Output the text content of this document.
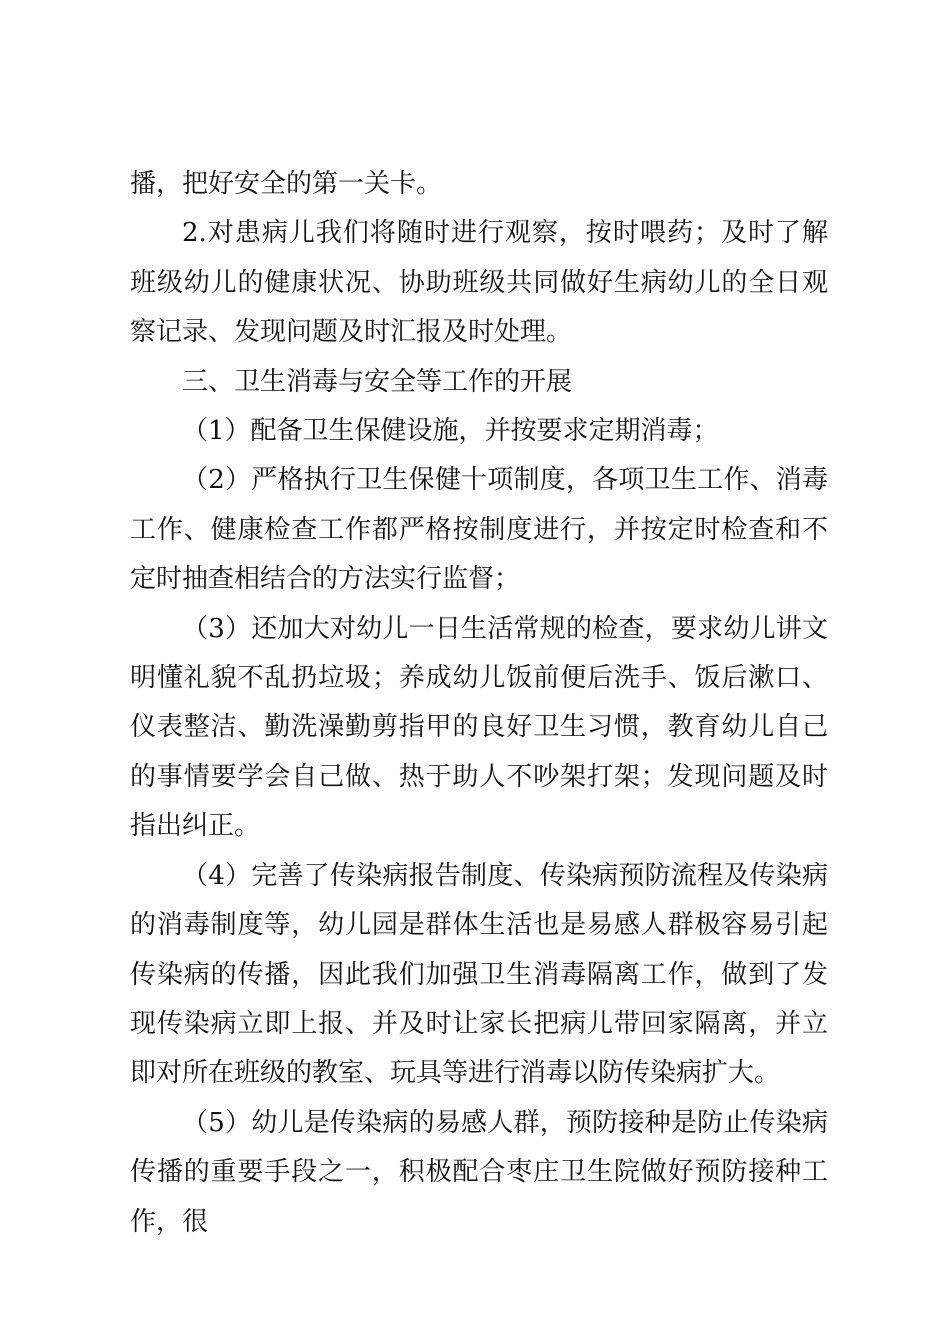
播，把好安全的第一关卡。

2.对患病儿我们将随时进行观察，按时喂药；及时了解班级幼儿的健康状况、协助班级共同做好生病幼儿的全日观察记录、发现问题及时汇报及时处理。

三、卫生消毒与安全等工作的开展

（1）配备卫生保健设施，并按要求定期消毒；

（2）严格执行卫生保健十项制度，各项卫生工作、消毒工作、健康检查工作都严格按制度进行，并按定时检查和不定时抽查相结合的方法实行监督；

（3）还加大对幼儿一日生活常规的检查，要求幼儿讲文明懂礼貌不乱扔垃圾；养成幼儿饭前便后洗手、饭后漱口、仪表整洁、勤洗澡勤剪指甲的良好卫生习惯，教育幼儿自己的事情要学会自己做、热于助人不吵架打架；发现问题及时指出纠正。

（4）完善了传染病报告制度、传染病预防流程及传染病的消毒制度等，幼儿园是群体生活也是易感人群极容易引起传染病的传播，因此我们加强卫生消毒隔离工作，做到了发现传染病立即上报、并及时让家长把病儿带回家隔离，并立即对所在班级的教室、玩具等进行消毒以防传染病扩大。

（5）幼儿是传染病的易感人群，预防接种是防止传染病传播的重要手段之一，积极配合枣庄卫生院做好预防接种工作，很
